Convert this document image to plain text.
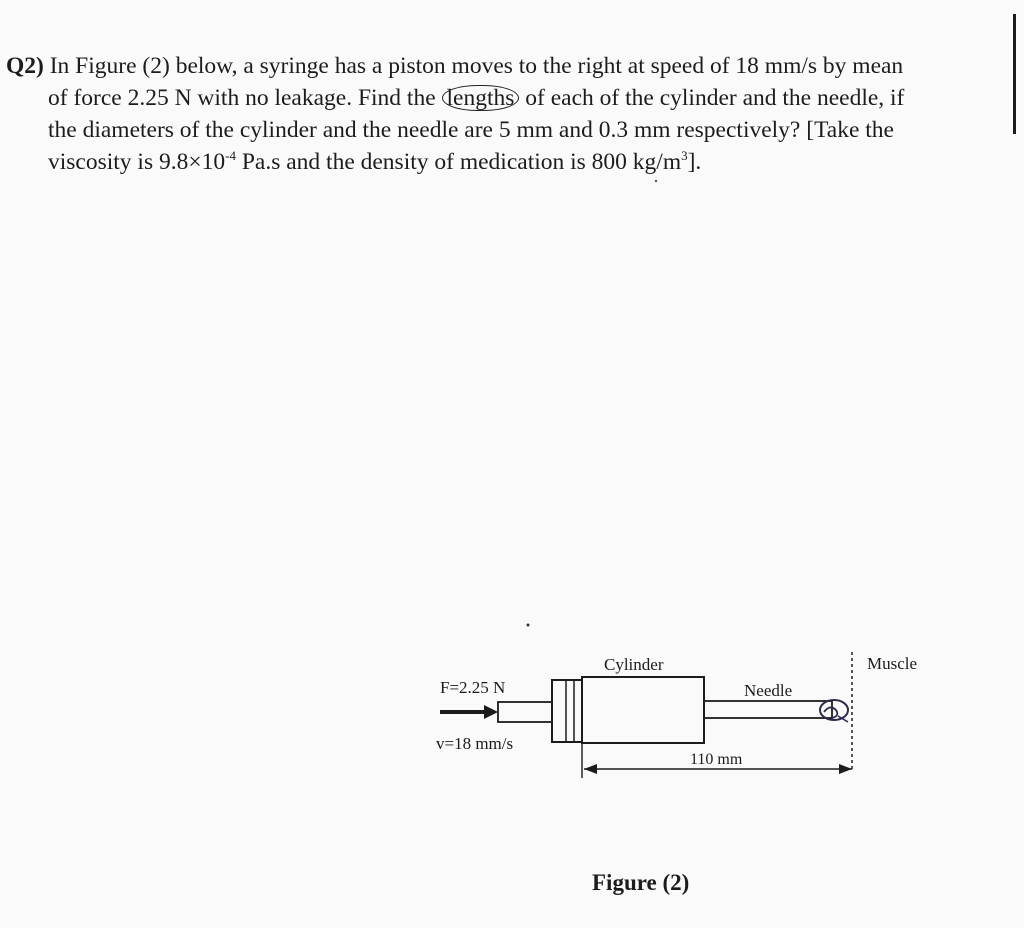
Q2) In Figure (2) below, a syringe has a piston moves to the right at speed of 18 mm/s by mean
of force 2.25 N with no leakage. Find the lengths of each of the cylinder and the needle, if
the diameters of the cylinder and the needle are 5 mm and 0.3 mm respectively? [Take the
viscosity is $9.8\times 10^{-4}$ Pa.s and the density of medication is 800 $kg/m^3$].
F=2.25 N
v=18 mm/s
Cylinder
Needle
Muscle
110 mm
Figure (2)
